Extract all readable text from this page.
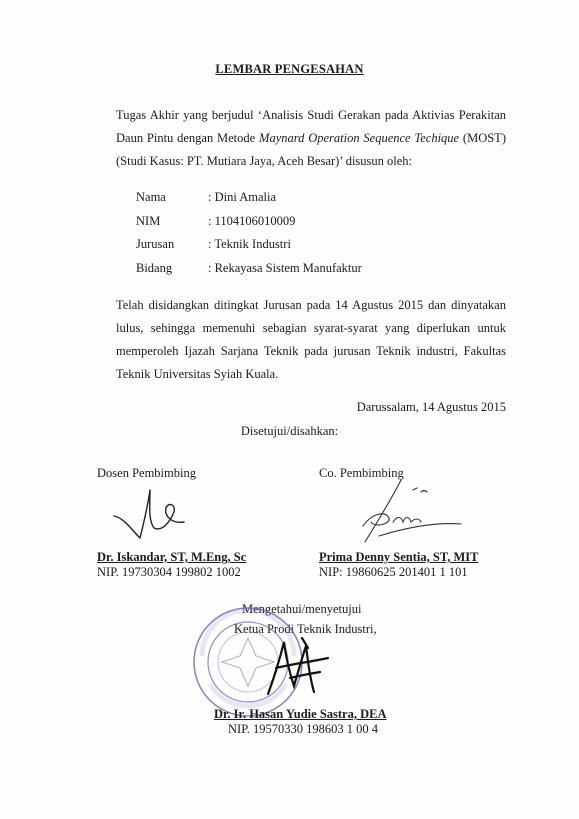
LEMBAR PENGESAHAN
Tugas Akhir yang berjudul ‘Analisis Studi Gerakan pada Aktivias Perakitan
Daun Pintu dengan Metode Maynard Operation Sequence Techique (MOST)
(Studi Kasus: PT. Mutiara Jaya, Aceh Besar)’ disusun oleh:
Nama	: Dini Amalia
NIM	: 1104106010009
Jurusan	: Teknik Industri
Bidang	: Rekayasa Sistem Manufaktur
Telah disidangkan ditingkat Jurusan pada 14 Agustus 2015 dan dinyatakan
lulus, sehingga memenuhi sebagian syarat-syarat yang diperlukan untuk
memperoleh Ijazah Sarjana Teknik pada jurusan Teknik industri, Fakultas
Teknik Universitas Syiah Kuala.
Darussalam, 14 Agustus 2015
Disetujui/disahkan:
Dosen Pembimbing
Dr. Iskandar, ST, M.Eng, Sc
NIP. 19730304 199802 1002
Co. Pembimbing
Prima Denny Sentia, ST, MIT
NIP: 19860625 201401 1 101
Mengetahui/menyetujui
Ketua Prodi Teknik Industri,
Dr. Ir. Hasan Yudie Sastra, DEA
NIP. 19570330 198603 1 00 4
